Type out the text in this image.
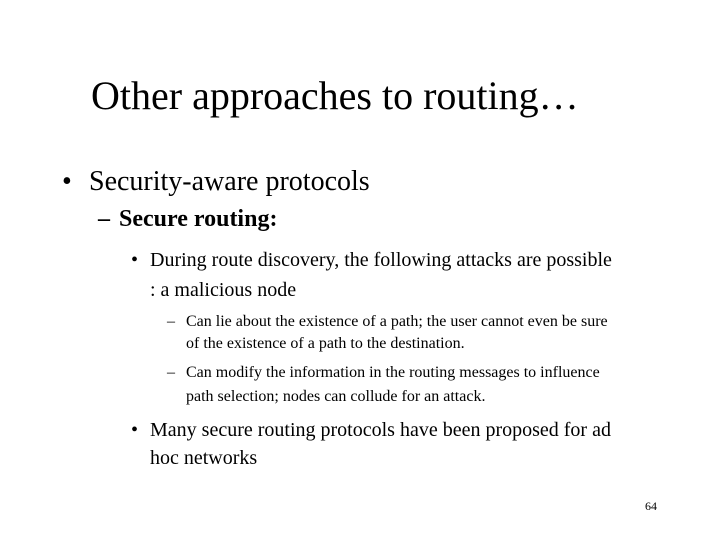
Other approaches to routing…
• Security-aware protocols
– Secure routing:
• During route discovery, the following attacks are possible
: a malicious node
– Can lie about the existence of a path; the user cannot even be sure
of the existence of a path to the destination.
– Can modify the information in the routing messages to influence
path selection; nodes can collude for an attack.
• Many secure routing protocols have been proposed for ad
hoc networks
64
